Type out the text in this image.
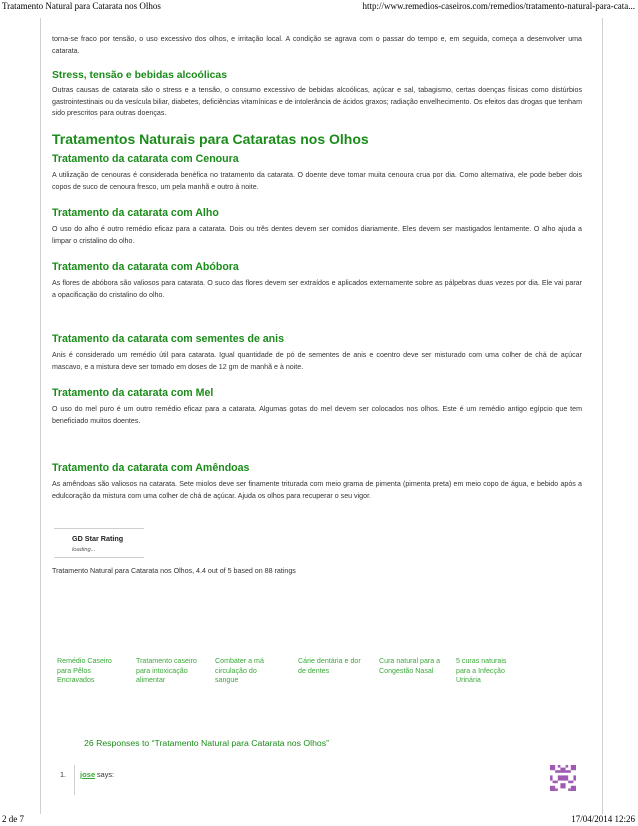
Tratamento Natural para Catarata nos Olhos	http://www.remedios-caseiros.com/remedios/tratamento-natural-para-cata...
2 de 7	17/04/2014 12:26

torna-se fraco por tensão, o uso excessivo dos olhos, e irritação local. A condição se agrava com o passar do tempo e, em seguida, começa a desenvolver uma catarata.

Stress, tensão e bebidas alcoólicas

Outras causas de catarata são o stress e a tensão, o consumo excessivo de bebidas alcoólicas, açúcar e sal, tabagismo, certas doenças físicas como distúrbios gastrointestinais ou da vesícula biliar, diabetes, deficiências vitamínicas e de intolerância de ácidos graxos; radiação envelhecimento. Os efeitos das drogas que tenham sido prescritos para outras doenças.

Tratamentos Naturais para Cataratas nos Olhos
Tratamento da catarata com Cenoura

A utilização de cenouras é considerada benéfica no tratamento da catarata. O doente deve tomar muita cenoura crua por dia. Como alternativa, ele pode beber dois copos de suco de cenoura fresco, um pela manhã e outro à noite.

Tratamento da catarata com Alho

O uso do alho é outro remédio eficaz para a catarata. Dois ou três dentes devem ser comidos diariamente. Eles devem ser mastigados lentamente. O alho ajuda a limpar o cristalino do olho.

Tratamento da catarata com Abóbora

As flores de abóbora são valiosos para catarata. O suco das flores devem ser extraídos e aplicados externamente sobre as pálpebras duas vezes por dia. Ele vai parar a opacificação do cristalino do olho.

Tratamento da catarata com sementes de anis

Anis é considerado um remédio útil para catarata. Igual quantidade de pó de sementes de anis e coentro deve ser misturado com uma colher de chá de açúcar mascavo, e a mistura deve ser tomado em doses de 12 gm de manhã e à noite.

Tratamento da catarata com Mel

O uso do mel puro é um outro remédio eficaz para a catarata. Algumas gotas do mel devem ser colocados nos olhos. Este é um remédio antigo egípcio que tem beneficiado muitos doentes.

Tratamento da catarata com Amêndoas

As amêndoas são valiosos na catarata. Sete miolos deve ser finamente triturada com meio grama de pimenta (pimenta preta) em meio copo de água, e bebido após a edulcoração da mistura com uma colher de chá de açúcar. Ajuda os olhos para recuperar o seu vigor.

GD Star Rating
loading...
Tratamento Natural para Catarata nos Olhos, 4.4 out of 5 based on 88 ratings
Remédio Caseiro
para Pêlos
Encravados
Tratamento caseiro
para intoxicação
alimentar
Combater a má
circulação do
sangue
Cárie dentária e dor
de dentes
Cura natural para a
Congestão Nasal
5 curas naturais
para a Infecção
Urinária
26 Responses to “Tratamento Natural para Catarata nos Olhos”
1. jose says:
